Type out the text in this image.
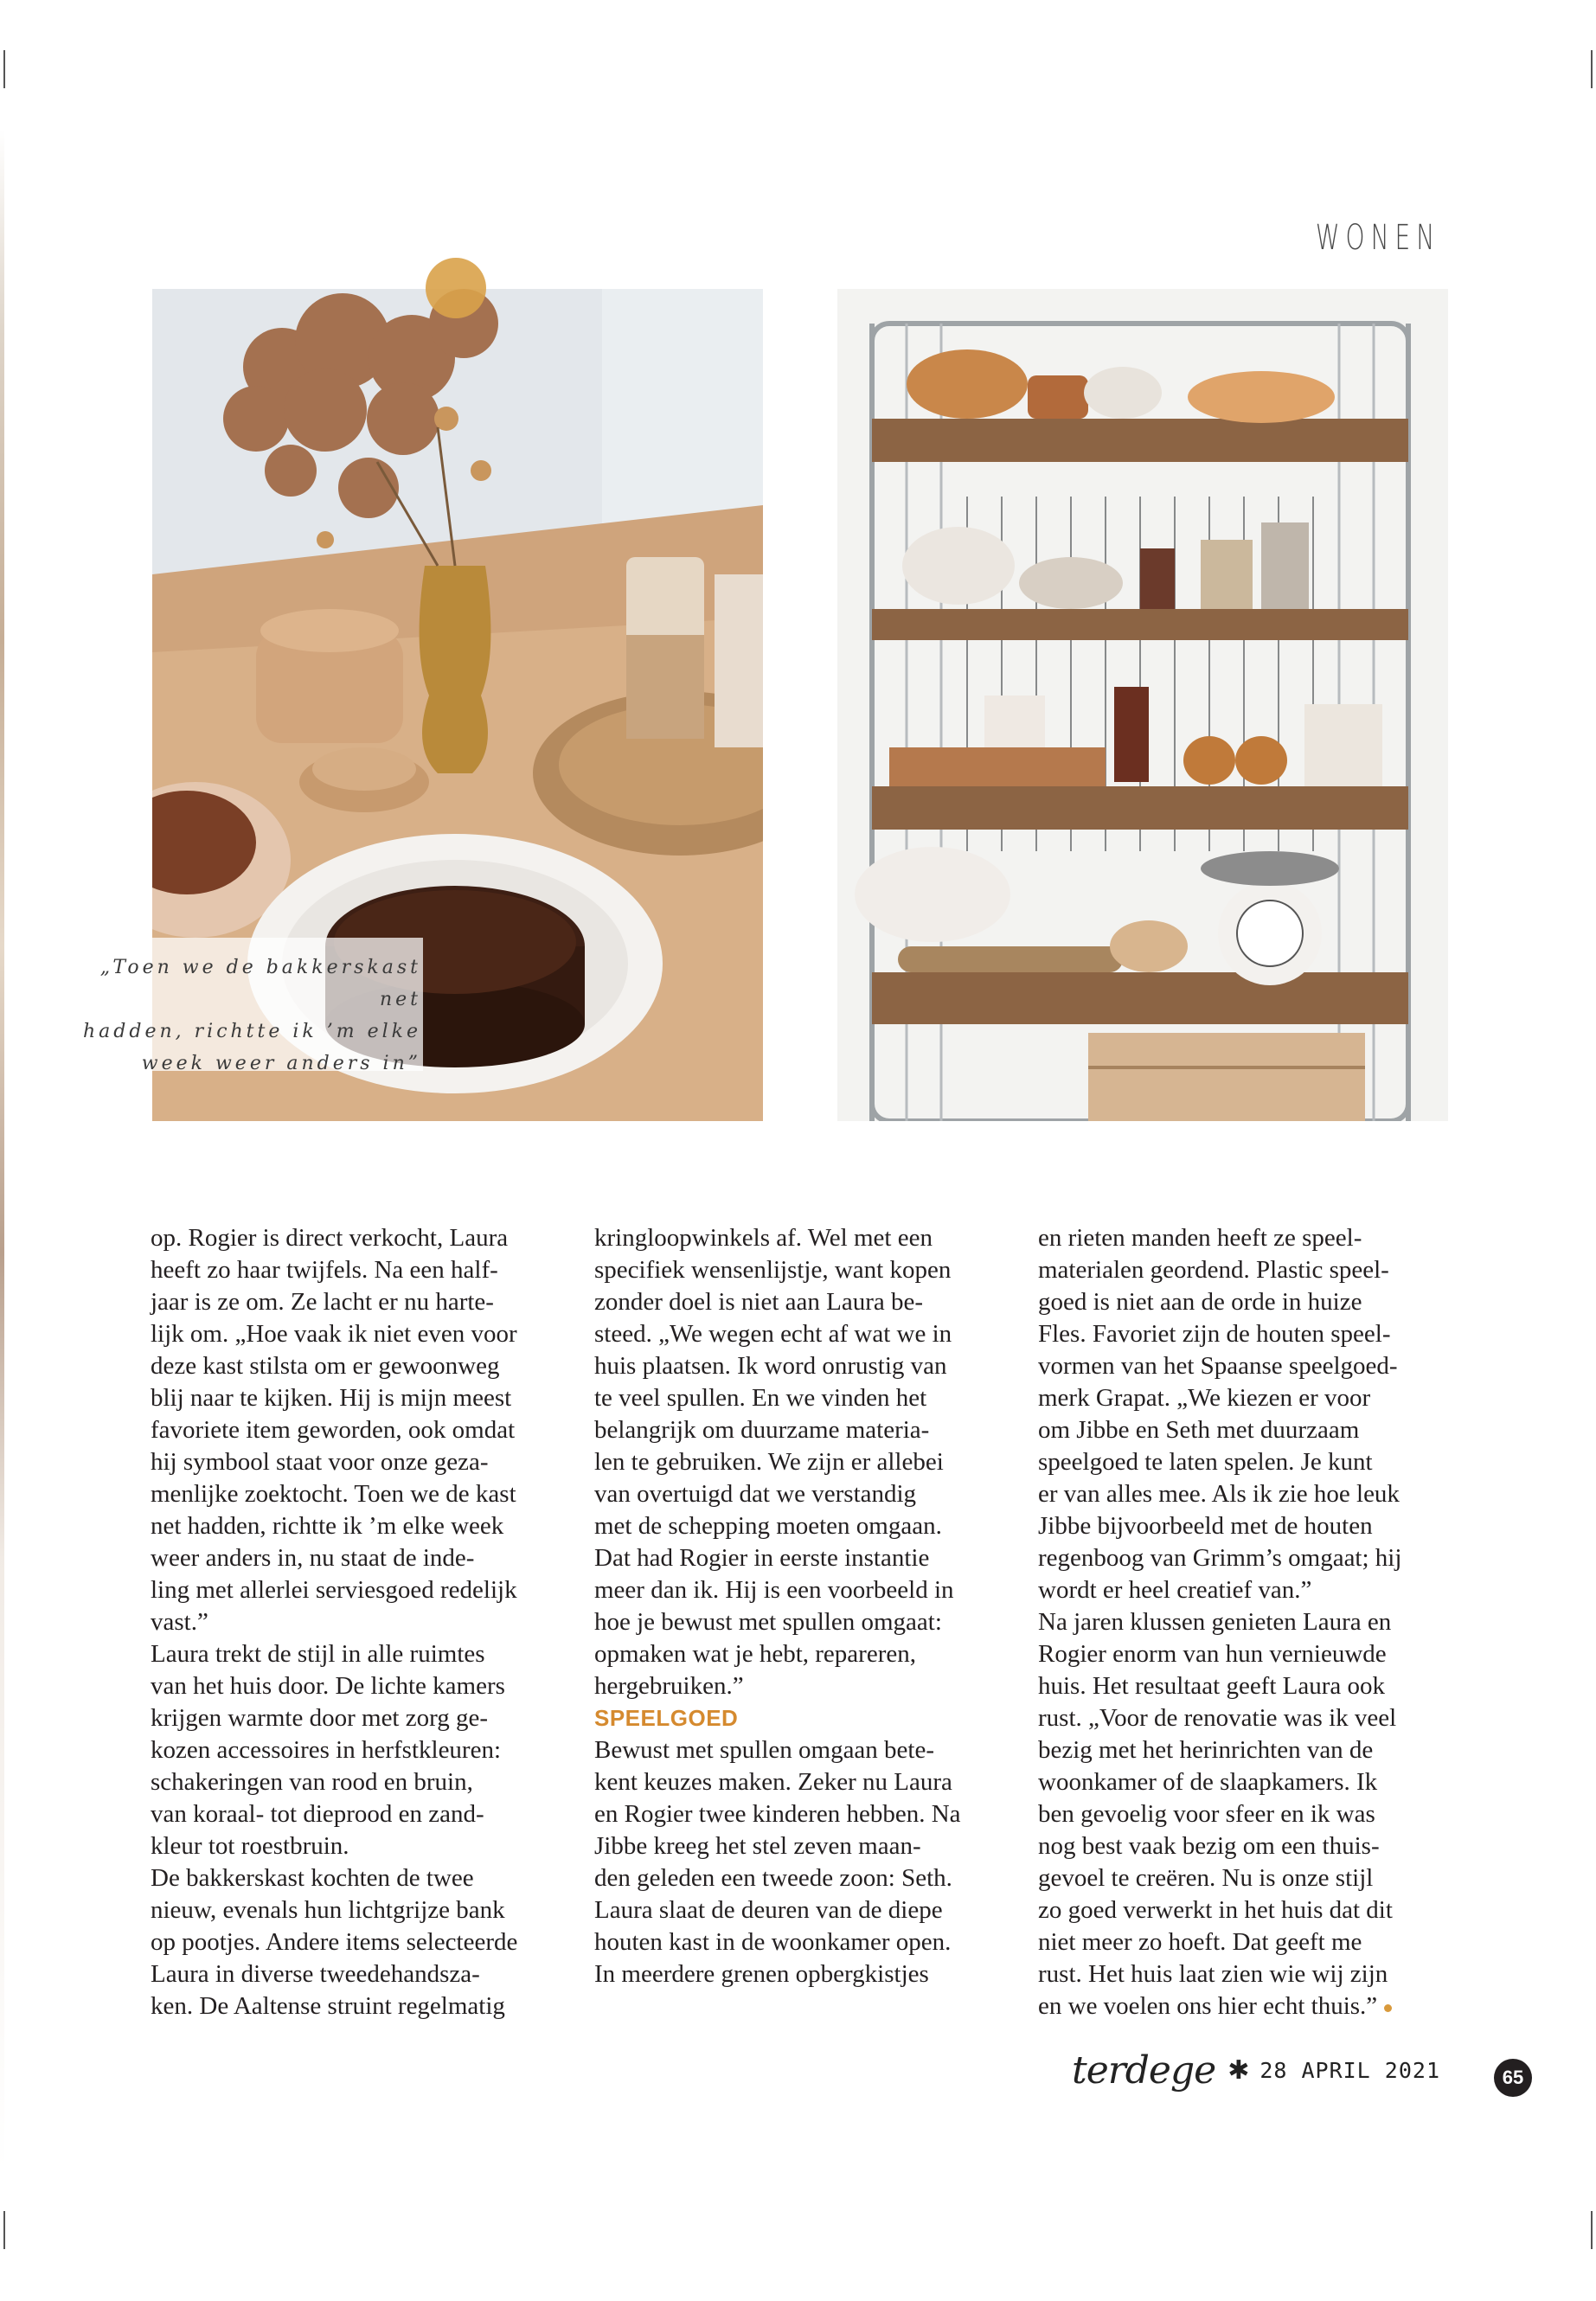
WONEN
„Toen we de bakkerskast net
hadden, richtte ik ’m elke
week weer anders in”

op. Rogier is direct verkocht, Laura

heeft zo haar twijfels. Na een half-

jaar is ze om. Ze lacht er nu harte-

lijk om. „Hoe vaak ik niet even voor

deze kast stilsta om er gewoonweg

blij naar te kijken. Hij is mijn meest

favoriete item geworden, ook omdat

hij symbool staat voor onze geza-

menlijke zoektocht. Toen we de kast

net hadden, richtte ik ’m elke week

weer anders in, nu staat de inde-

ling met allerlei serviesgoed redelijk

vast.”

Laura trekt de stijl in alle ruimtes

van het huis door. De lichte kamers

krijgen warmte door met zorg ge-

kozen accessoires in herfstkleuren:

schakeringen van rood en bruin,

van koraal- tot dieprood en zand-

kleur tot roestbruin.

De bakkerskast kochten de twee

nieuw, evenals hun lichtgrijze bank

op pootjes. Andere items selecteerde

Laura in diverse tweedehandsza-

ken. De Aaltense struint regelmatig

kringloopwinkels af. Wel met een

specifiek wensenlijstje, want kopen

zonder doel is niet aan Laura be-

steed. „We wegen echt af wat we in

huis plaatsen. Ik word onrustig van

te veel spullen. En we vinden het

belangrijk om duurzame materia-

len te gebruiken. We zijn er allebei

van overtuigd dat we verstandig

met de schepping moeten omgaan.

Dat had Rogier in eerste instantie

meer dan ik. Hij is een voorbeeld in

hoe je bewust met spullen omgaat:

opmaken wat je hebt, repareren,

hergebruiken.”

SPEELGOED

Bewust met spullen omgaan bete-

kent keuzes maken. Zeker nu Laura

en Rogier twee kinderen hebben. Na

Jibbe kreeg het stel zeven maan-

den geleden een tweede zoon: Seth.

Laura slaat de deuren van de diepe

houten kast in de woonkamer open.

In meerdere grenen opbergkistjes

en rieten manden heeft ze speel-

materialen geordend. Plastic speel-

goed is niet aan de orde in huize

Fles. Favoriet zijn de houten speel-

vormen van het Spaanse speelgoed-

merk Grapat. „We kiezen er voor

om Jibbe en Seth met duurzaam

speelgoed te laten spelen. Je kunt

er van alles mee. Als ik zie hoe leuk

Jibbe bijvoorbeeld met de houten

regenboog van Grimm’s omgaat; hij

wordt er heel creatief van.”

Na jaren klussen genieten Laura en

Rogier enorm van hun vernieuwde

huis. Het resultaat geeft Laura ook

rust. „Voor de renovatie was ik veel

bezig met het herinrichten van de

woonkamer of de slaapkamers. Ik

ben gevoelig voor sfeer en ik was

nog best vaak bezig om een thuis-

gevoel te creëren. Nu is onze stijl

zo goed verwerkt in het huis dat dit

niet meer zo hoeft. Dat geeft me

rust. Het huis laat zien wie wij zijn

en we voelen ons hier echt thuis.”

terdege ✱ 28 APRIL 2021	65
